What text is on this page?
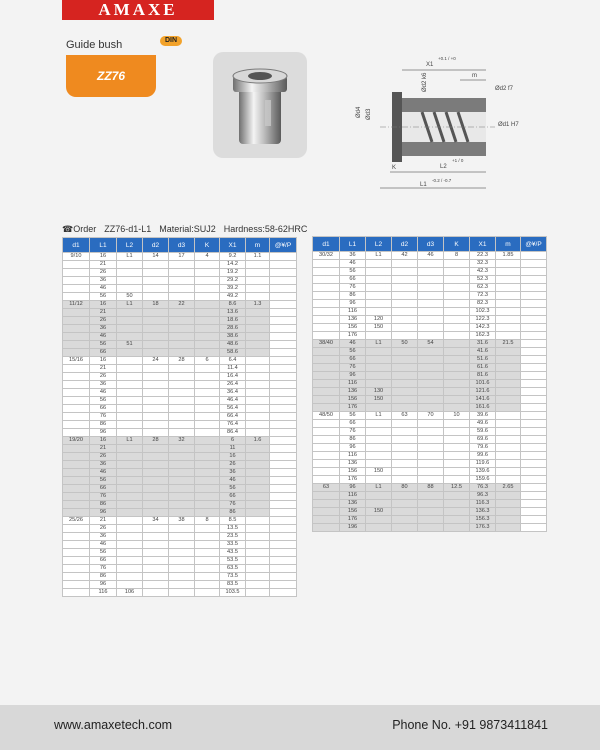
AMAXE
Guide bush	DIN
ZZ76
X1
+0.1 / +0
m
Ød2 f7
Ød1 H7
K	L2
+1 / 0
L1
-0.2 / -0.7
Ød4 Ød3
Ød2 k6
☎Order ZZ76-d1-L1 Material:SUJ2 Hardness:58-62HRC
d1	L1	L2	d2	d3	K	X1	m	@¥/P
9/10	16	L1	14	17	4	9.2	1.1	
	21					14.2		
	26					19.2		
	36					29.2		
	46					39.2		
	56	50				49.2		
11/12	16	L1	18	22		8.6	1.3	
	21					13.6		
	26					18.6		
	36					28.6		
	46					38.6		
	56	51				48.6		
	66					58.6		
15/16	16		24	28	6	6.4		
	21					11.4		
	26					16.4		
	36					26.4		
	46					36.4		
	56					46.4		
	66					56.4		
	76					66.4		
	86					76.4		
	96					86.4		
19/20	16	L1	28	32		6	1.6	
	21					11		
	26					16		
	36					26		
	46					36		
	56					46		
	66					56		
	76					66		
	86					76		
	96					86		
25/26	21		34	38	8	8.5		
	26					13.5		
	36					23.5		
	46					33.5		
	56					43.5		
	66					53.5		
	76					63.5		
	86					73.5		
	96					83.5		
	116	106				103.5		
d1	L1	L2	d2	d3	K	X1	m	@¥/P
30/32	36	L1	42	46	8	22.3	1.85	
	46					32.3		
	56					42.3		
	66					52.3		
	76					62.3		
	86					72.3		
	96					82.3		
	116					102.3		
	136	120				122.3		
	156	150				142.3		
	176					162.3		
38/40	46	L1	50	54		31.6	21.5	
	56					41.6		
	66					51.6		
	76					61.6		
	96					81.6		
	116					101.6		
	136	130				121.6		
	156	150				141.6		
	176					161.6		
48/50	56	L1	63	70	10	39.6		
	66					49.6		
	76					59.6		
	86					69.6		
	96					79.6		
	116					99.6		
	136					119.6		
	156	150				139.6		
	176					159.6		
63	96	L1	80	88	12.5	76.3	2.65	
	116					96.3		
	136					116.3		
	156	150				136.3		
	176					156.3		
	196					176.3		
www.amaxetech.com	Phone No. +91 9873411841
